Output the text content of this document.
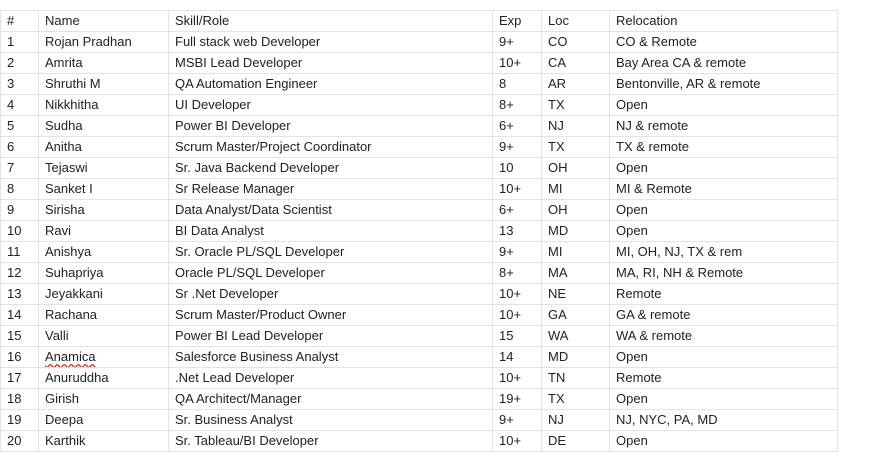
#	Name	Skill/Role	Exp	Loc	Relocation
1	Rojan Pradhan	Full stack web Developer	9+	CO	CO & Remote
2	Amrita	MSBI Lead Developer	10+	CA	Bay Area CA & remote
3	Shruthi M	QA Automation Engineer	8	AR	Bentonville, AR & remote
4	Nikkhitha	UI Developer	8+	TX	Open
5	Sudha	Power BI Developer	6+	NJ	NJ & remote
6	Anitha	Scrum Master/Project Coordinator	9+	TX	TX & remote
7	Tejaswi	Sr. Java Backend Developer	10	OH	Open
8	Sanket I	Sr Release Manager	10+	MI	MI & Remote
9	Sirisha	Data Analyst/Data Scientist	6+	OH	Open
10	Ravi	BI Data Analyst	13	MD	Open
11	Anishya	Sr. Oracle PL/SQL Developer	9+	MI	MI, OH, NJ, TX & rem
12	Suhapriya	Oracle PL/SQL Developer	8+	MA	MA, RI, NH & Remote
13	Jeyakkani	Sr .Net Developer	10+	NE	Remote
14	Rachana	Scrum Master/Product Owner	10+	GA	GA & remote
15	Valli	Power BI Lead Developer	15	WA	WA & remote
16	Anamica	Salesforce Business Analyst	14	MD	Open
17	Anuruddha	.Net Lead Developer	10+	TN	Remote
18	Girish	QA Architect/Manager	19+	TX	Open
19	Deepa	Sr. Business Analyst	9+	NJ	NJ, NYC, PA, MD
20	Karthik	Sr. Tableau/BI Developer	10+	DE	Open
